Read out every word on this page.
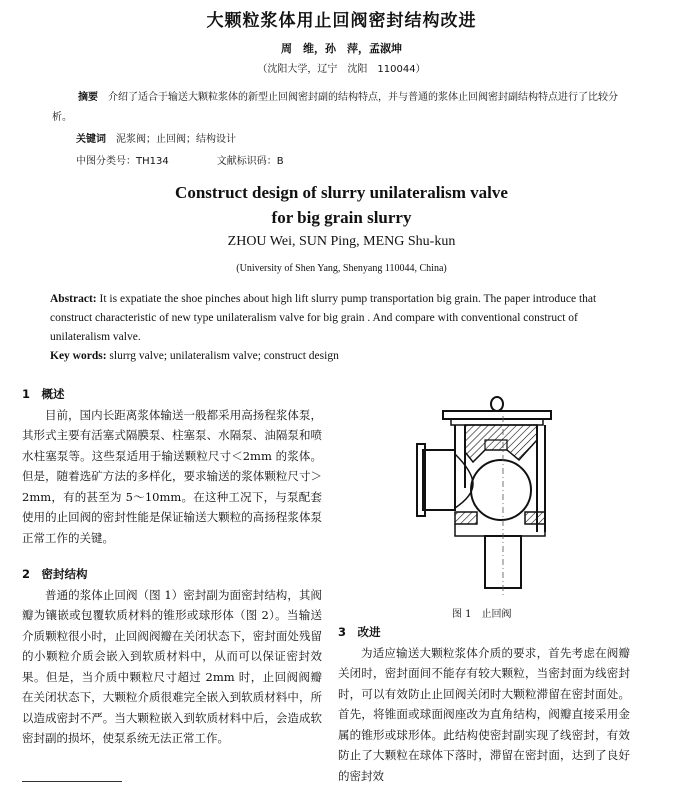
大颗粒浆体用止回阀密封结构改进
周　维，孙　萍，孟淑坤
（沈阳大学，辽宁　沈阳　110044）
摘要　 介绍了适合于输送大颗粒浆体的新型止回阀密封副的结构特点，并与普通的浆体止回阀密封副结构特点进行了比较分析。
关键词　 泥浆阀；止回阀；结构设计
中图分类号：TH134	文献标识码：B
Construct design of slurry unilateralism valve
for big grain slurry
ZHOU Wei, SUN Ping, MENG Shu-kun
(University of Shen Yang, Shenyang 110044, China)
Abstract: It is expatiate the shoe pinches about high lift slurry pump transportation big grain. The paper introduce that construct characteristic of new type unilateralism valve for big grain . And compare with conventional construct of unilateralism valve.
Key words: slurrg valve; unilateralism valve; construct design
1　概述

目前，国内长距离浆体输送一般都采用高扬程浆体泵，其形式主要有活塞式隔膜泵、柱塞泵、水隔泵、油隔泵和喷水柱塞泵等。这些泵适用于输送颗粒尺寸＜2mm 的浆体。但是，随着选矿方法的多样化，要求输送的浆体颗粒尺寸＞2mm，有的甚至为 5～10mm。在这种工况下，与泵配套使用的止回阀的密封性能是保证输送大颗粒的高扬程浆体泵正常工作的关键。

2　密封结构

普通的浆体止回阀（图 1）密封副为面密封结构，其阀瓣为镶嵌或包覆软质材料的锥形或球形体（图 2）。当输送介质颗粒很小时，止回阀阀瓣在关闭状态下，密封面处残留的小颗粒介质会嵌入到软质材料中，从而可以保证密封效果。但是，当介质中颗粒尺寸超过 2mm 时，止回阀阀瓣在关闭状态下，大颗粒介质很难完全嵌入到软质材料中，所以造成密封不严。当大颗粒嵌入到软质材料中后，会造成软密封副的损坏，使泵系统无法正常工作。

图 1　止回阀
3　改进

为适应输送大颗粒浆体介质的要求，首先考虑在阀瓣关闭时，密封面间不能存有较大颗粒，当密封面为线密封时，可以有效防止止回阀关闭时大颗粒滞留在密封面处。首先，将锥面或球面阀座改为直角结构，阀瓣直接采用金属的锥形或球形体。此结构使密封副实现了线密封，有效防止了大颗粒在球体下落时，滞留在密封面，达到了良好的密封效
